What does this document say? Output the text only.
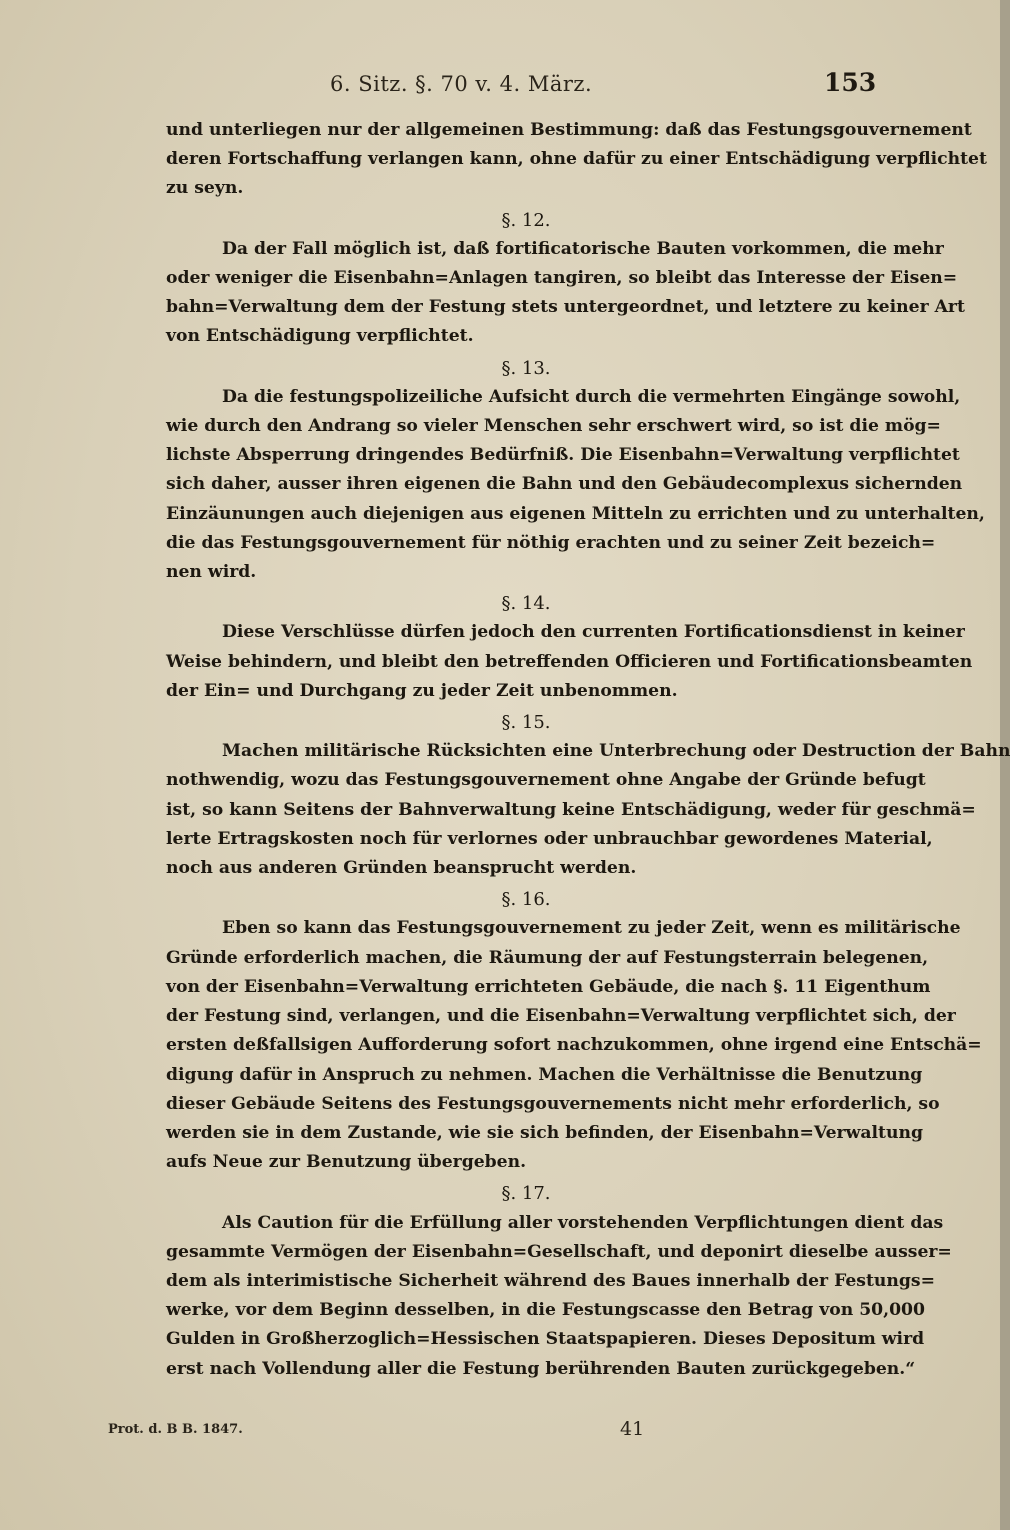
6. Sitz. §. 70 v. 4. März.	153
und unterliegen nur der allgemeinen Bestimmung: daß das Festungsgouvernement
deren Fortschaffung verlangen kann, ohne dafür zu einer Entschädigung verpflichtet
zu seyn.
§. 12.
Da der Fall möglich ist, daß fortificatorische Bauten vorkommen, die mehr
oder weniger die Eisenbahn=Anlagen tangiren, so bleibt das Interesse der Eisen=
bahn=Verwaltung dem der Festung stets untergeordnet, und letztere zu keiner Art
von Entschädigung verpflichtet.
§. 13.
Da die festungspolizeiliche Aufsicht durch die vermehrten Eingänge sowohl,
wie durch den Andrang so vieler Menschen sehr erschwert wird, so ist die mög=
lichste Absperrung dringendes Bedürfniß. Die Eisenbahn=Verwaltung verpflichtet
sich daher, ausser ihren eigenen die Bahn und den Gebäudecomplexus sichernden
Einzäunungen auch diejenigen aus eigenen Mitteln zu errichten und zu unterhalten,
die das Festungsgouvernement für nöthig erachten und zu seiner Zeit bezeich=
nen wird.
§. 14.
Diese Verschlüsse dürfen jedoch den currenten Fortificationsdienst in keiner
Weise behindern, und bleibt den betreffenden Officieren und Fortificationsbeamten
der Ein= und Durchgang zu jeder Zeit unbenommen.
§. 15.
Machen militärische Rücksichten eine Unterbrechung oder Destruction der Bahn
nothwendig, wozu das Festungsgouvernement ohne Angabe der Gründe befugt
ist, so kann Seitens der Bahnverwaltung keine Entschädigung, weder für geschmä=
lerte Ertragskosten noch für verlornes oder unbrauchbar gewordenes Material,
noch aus anderen Gründen beansprucht werden.
§. 16.
Eben so kann das Festungsgouvernement zu jeder Zeit, wenn es militärische
Gründe erforderlich machen, die Räumung der auf Festungsterrain belegenen,
von der Eisenbahn=Verwaltung errichteten Gebäude, die nach §. 11 Eigenthum
der Festung sind, verlangen, und die Eisenbahn=Verwaltung verpflichtet sich, der
ersten deßfallsigen Aufforderung sofort nachzukommen, ohne irgend eine Entschä=
digung dafür in Anspruch zu nehmen. Machen die Verhältnisse die Benutzung
dieser Gebäude Seitens des Festungsgouvernements nicht mehr erforderlich, so
werden sie in dem Zustande, wie sie sich befinden, der Eisenbahn=Verwaltung
aufs Neue zur Benutzung übergeben.
§. 17.
Als Caution für die Erfüllung aller vorstehenden Verpflichtungen dient das
gesammte Vermögen der Eisenbahn=Gesellschaft, und deponirt dieselbe ausser=
dem als interimistische Sicherheit während des Baues innerhalb der Festungs=
werke, vor dem Beginn desselben, in die Festungscasse den Betrag von 50,000
Gulden in Großherzoglich=Hessischen Staatspapieren. Dieses Depositum wird
erst nach Vollendung aller die Festung berührenden Bauten zurückgegeben.“
Prot. d. B B. 1847.	41
